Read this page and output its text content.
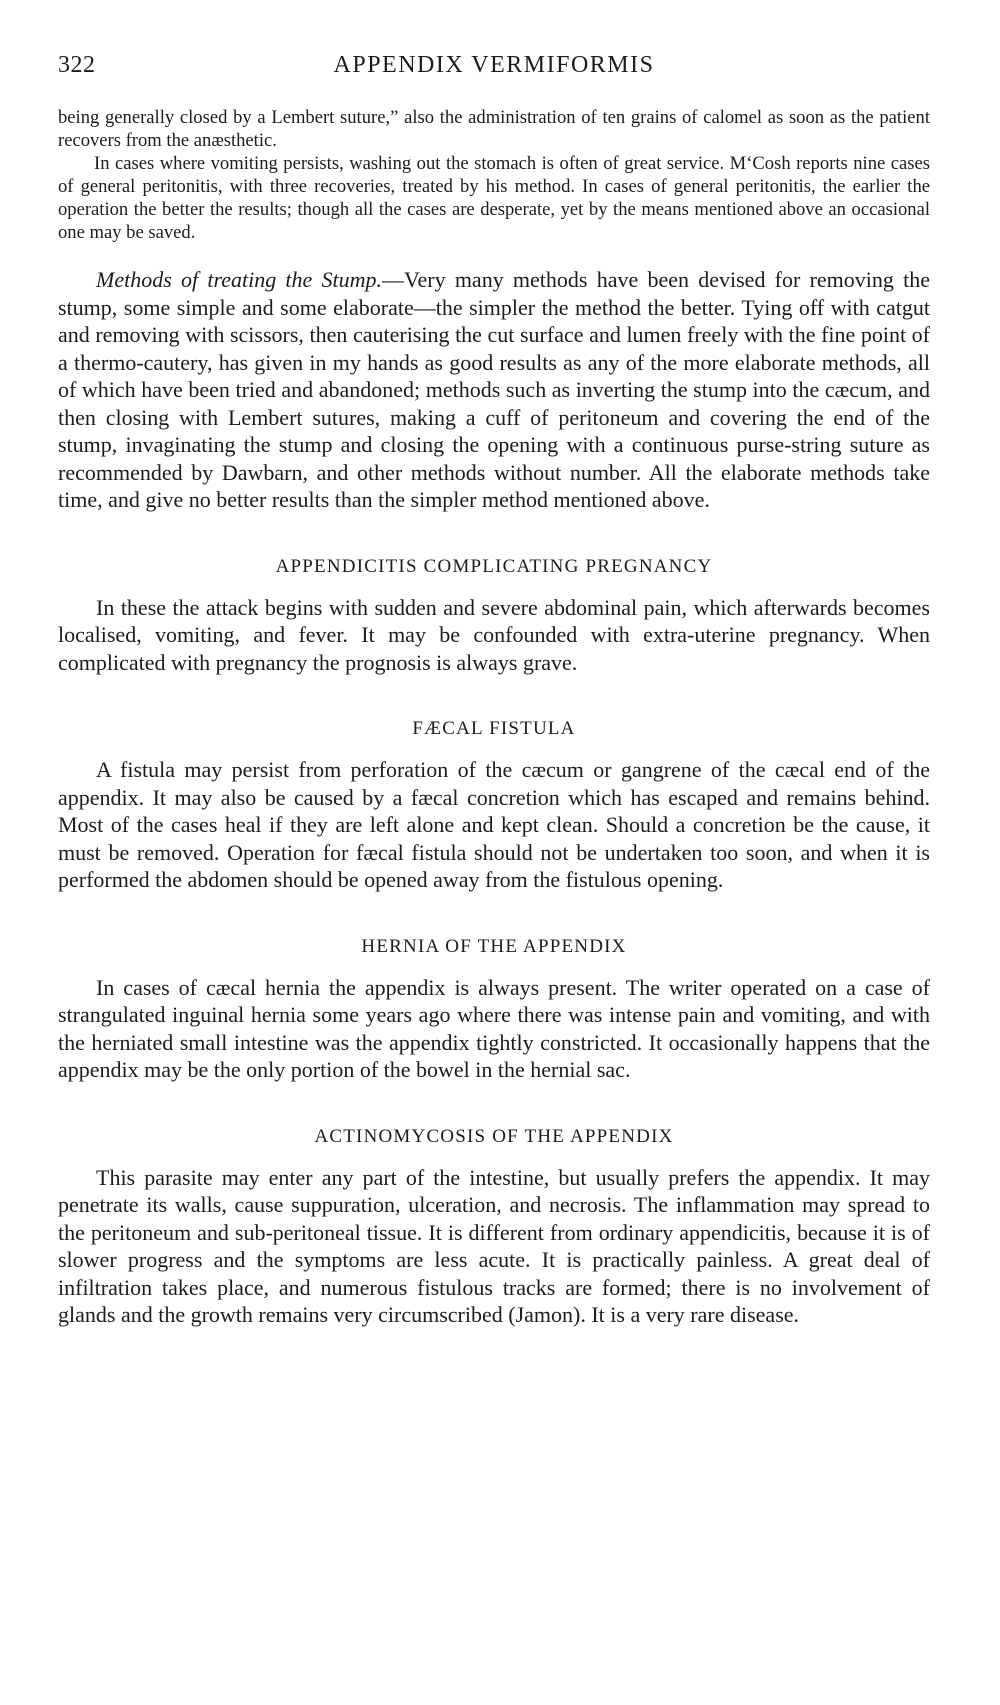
322	APPENDIX VERMIFORMIS

being generally closed by a Lembert suture,” also the administration of ten grains of calomel as soon as the patient recovers from the anæsthetic.

In cases where vomiting persists, washing out the stomach is often of great service. M‘Cosh reports nine cases of general peritonitis, with three recoveries, treated by his method. In cases of general peritonitis, the earlier the operation the better the results; though all the cases are desperate, yet by the means mentioned above an occasional one may be saved.

Methods of treating the Stump.—Very many methods have been devised for removing the stump, some simple and some elaborate—the simpler the method the better. Tying off with catgut and removing with scissors, then cauterising the cut surface and lumen freely with the fine point of a thermo-cautery, has given in my hands as good results as any of the more elaborate methods, all of which have been tried and abandoned; methods such as inverting the stump into the cæcum, and then closing with Lembert sutures, making a cuff of peritoneum and covering the end of the stump, invaginating the stump and closing the opening with a continuous purse-string suture as recommended by Dawbarn, and other methods without number. All the elaborate methods take time, and give no better results than the simpler method mentioned above.

APPENDICITIS COMPLICATING PREGNANCY

In these the attack begins with sudden and severe abdominal pain, which afterwards becomes localised, vomiting, and fever. It may be confounded with extra-uterine pregnancy. When complicated with pregnancy the prognosis is always grave.

FÆCAL FISTULA

A fistula may persist from perforation of the cæcum or gangrene of the cæcal end of the appendix. It may also be caused by a fæcal concretion which has escaped and remains behind. Most of the cases heal if they are left alone and kept clean. Should a concretion be the cause, it must be removed. Operation for fæcal fistula should not be undertaken too soon, and when it is performed the abdomen should be opened away from the fistulous opening.

HERNIA OF THE APPENDIX

In cases of cæcal hernia the appendix is always present. The writer operated on a case of strangulated inguinal hernia some years ago where there was intense pain and vomiting, and with the herniated small intestine was the appendix tightly constricted. It occasionally happens that the appendix may be the only portion of the bowel in the hernial sac.

ACTINOMYCOSIS OF THE APPENDIX

This parasite may enter any part of the intestine, but usually prefers the appendix. It may penetrate its walls, cause suppuration, ulceration, and necrosis. The inflammation may spread to the peritoneum and sub-peritoneal tissue. It is different from ordinary appendicitis, because it is of slower progress and the symptoms are less acute. It is practically painless. A great deal of infiltration takes place, and numerous fistulous tracks are formed; there is no involvement of glands and the growth remains very circumscribed (Jamon). It is a very rare disease.
